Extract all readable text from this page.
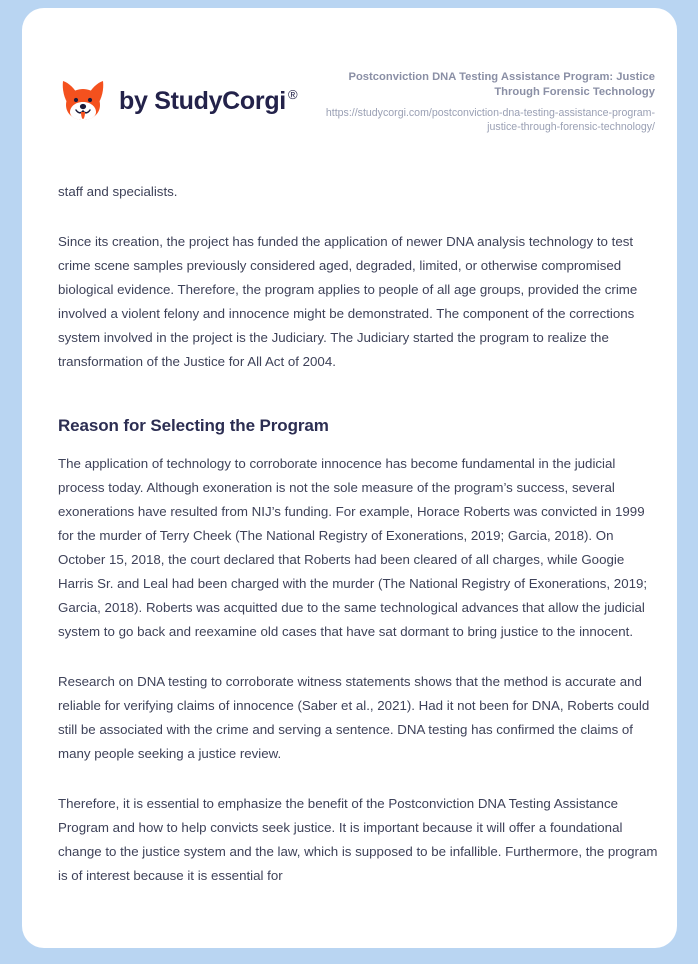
by StudyCorgi ®
Postconviction DNA Testing Assistance Program: Justice Through Forensic Technology
https://studycorgi.com/postconviction-dna-testing-assistance-program-justice-through-forensic-technology/

staff and specialists.

Since its creation, the project has funded the application of newer DNA analysis technology to test crime scene samples previously considered aged, degraded, limited, or otherwise compromised biological evidence. Therefore, the program applies to people of all age groups, provided the crime involved a violent felony and innocence might be demonstrated. The component of the corrections system involved in the project is the Judiciary. The Judiciary started the program to realize the transformation of the Justice for All Act of 2004.

Reason for Selecting the Program

The application of technology to corroborate innocence has become fundamental in the judicial process today. Although exoneration is not the sole measure of the program’s success, several exonerations have resulted from NIJ’s funding. For example, Horace Roberts was convicted in 1999 for the murder of Terry Cheek (The National Registry of Exonerations, 2019; Garcia, 2018). On October 15, 2018, the court declared that Roberts had been cleared of all charges, while Googie Harris Sr. and Leal had been charged with the murder (The National Registry of Exonerations, 2019; Garcia, 2018). Roberts was acquitted due to the same technological advances that allow the judicial system to go back and reexamine old cases that have sat dormant to bring justice to the innocent.

Research on DNA testing to corroborate witness statements shows that the method is accurate and reliable for verifying claims of innocence (Saber et al., 2021). Had it not been for DNA, Roberts could still be associated with the crime and serving a sentence. DNA testing has confirmed the claims of many people seeking a justice review.

Therefore, it is essential to emphasize the benefit of the Postconviction DNA Testing Assistance Program and how to help convicts seek justice. It is important because it will offer a foundational change to the justice system and the law, which is supposed to be infallible. Furthermore, the program is of interest because it is essential for
